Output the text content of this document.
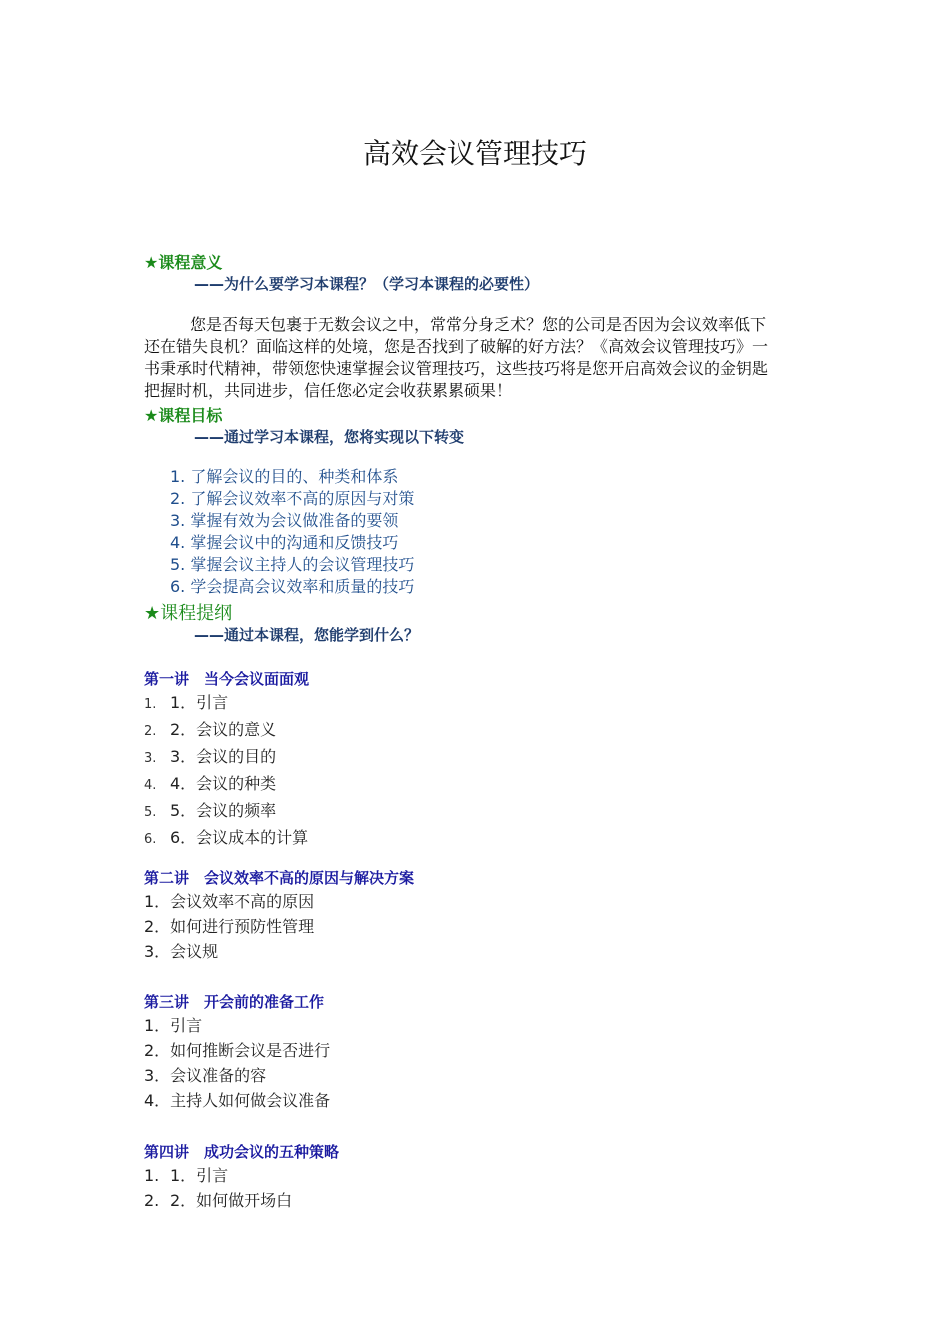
高效会议管理技巧
★课程意义
——为什么要学习本课程？（学习本课程的必要性）

您是否每天包裹于无数会议之中，常常分身乏术？您的公司是否因为会议效率低下

还在错失良机？面临这样的处境，您是否找到了破解的好方法？《高效会议管理技巧》一

书秉承时代精神，带领您快速掌握会议管理技巧，这些技巧将是您开启高效会议的金钥匙

把握时机，共同进步，信任您必定会收获累累硕果！

★课程目标
——通过学习本课程，您将实现以下转变
1. 了解会议的目的、种类和体系
2. 了解会议效率不高的原因与对策
3. 掌握有效为会议做准备的要领
4. 掌握会议中的沟通和反馈技巧
5. 掌握会议主持人的会议管理技巧
6. 学会提高会议效率和质量的技巧
★课程提纲
——通过本课程，您能学到什么？
第一讲　当今会议面面观
1. 1．引言
2. 2．会议的意义
3. 3．会议的目的
4. 4．会议的种类
5. 5．会议的频率
6. 6．会议成本的计算
第二讲　会议效率不高的原因与解决方案
1．会议效率不高的原因
2．如何进行预防性管理
3．会议规
第三讲　开会前的准备工作
1．引言
2．如何推断会议是否进行
3．会议准备的容
4．主持人如何做会议准备
第四讲　成功会议的五种策略
1. 1．引言
2. 2．如何做开场白
